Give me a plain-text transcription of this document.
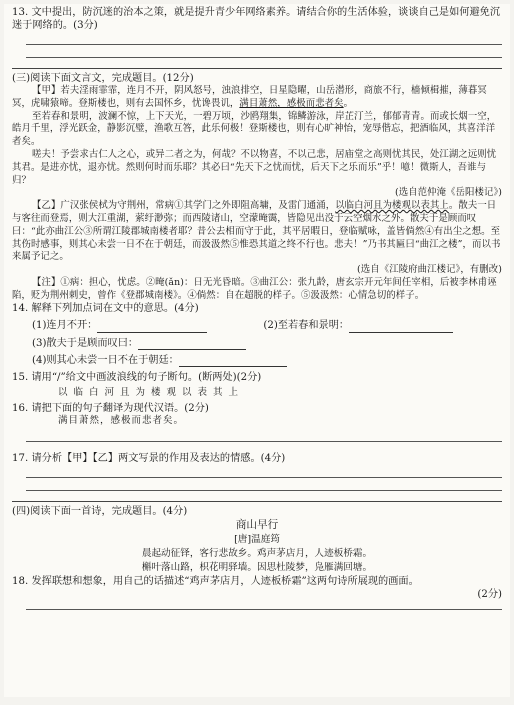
13. 文中提出，防沉迷的治本之策，就是提升青少年网络素养。请结合你的生活体验，谈谈自己是如何避免沉迷于网络的。(3分)

(三)阅读下面文言文，完成题目。(12分)

【甲】若夫淫雨霏霏，连月不开，阴风怒号，浊浪排空，日星隐曜，山岳潜形，商旅不行，樯倾楫摧，薄暮冥冥，虎啸猿啼。登斯楼也，则有去国怀乡，忧谗畏讥，满目萧然，感极而悲者矣。

至若春和景明，波澜不惊，上下天光，一碧万顷，沙鸥翔集，锦鳞游泳，岸芷汀兰，郁郁青青。而或长烟一空，皓月千里，浮光跃金，静影沉璧，渔歌互答，此乐何极！登斯楼也，则有心旷神怡，宠辱偕忘，把酒临风，其喜洋洋者矣。

嗟夫！予尝求古仁人之心，或异二者之为，何哉？不以物喜，不以己悲，居庙堂之高则忧其民，处江湖之远则忧其君。是进亦忧，退亦忧。然则何时而乐耶？其必曰“先天下之忧而忧，后天下之乐而乐”乎！噫！微斯人，吾谁与归？

(选自范仲淹《岳阳楼记》)

【乙】广汉张侯栻为守荆州，常病①其学门之外即阻高墉，及雷门通涌，以临白河且为楼观以表其上。散夫一日与客往而登焉，则大江重湖，萦纡渺弥；而西陵诸山，空濛晻霭，皆隐见出没于云空烟水之外。散夫于是顾而叹曰：“此亦曲江公③所谓江陵郡城南楼者耶？昔公去相而守于此，其平居暇日，登临赋咏，盖皆倘然④有出尘之想。至其伤时感事，则其心未尝一日不在于朝廷，而汲汲然⑤惟恐其道之终不行也。悲夫！”乃书其匾曰“曲江之楼”，而以书来属予记之。

(选自《江陵府曲江楼记》，有删改)

【注】①病：担心，忧虑。②晻(ǎn)：日无光昏暗。③曲江公：张九龄，唐玄宗开元年间任宰相，后被李林甫诬陷，贬为荆州刺史，曾作《登郡城南楼》。④倘然：自在超脱的样子。⑤汲汲然：心情急切的样子。

14. 解释下列加点词在文中的意思。(4分)

(1)连月不开：	(2)至若春和景明：
(3)散夫于是顾而叹曰：
(4)则其心未尝一日不在于朝廷：

15. 请用“/”给文中画波浪线的句子断句。(断两处)(2分)

以临白河且为楼观以表其上

16. 请把下面的句子翻译为现代汉语。(2分)

满目萧然，感极而悲者矣。

17. 请分析【甲】【乙】两文写景的作用及表达的情感。(4分)

(四)阅读下面一首诗，完成题目。(4分)

商山早行
[唐]温庭筠
晨起动征铎，客行悲故乡。鸡声茅店月，人迹板桥霜。
槲叶落山路，枳花明驿墙。因思杜陵梦，凫雁满回塘。

18. 发挥联想和想象，用自己的话描述“鸡声茅店月，人迹板桥霜”这两句诗所展现的画面。

(2分)
